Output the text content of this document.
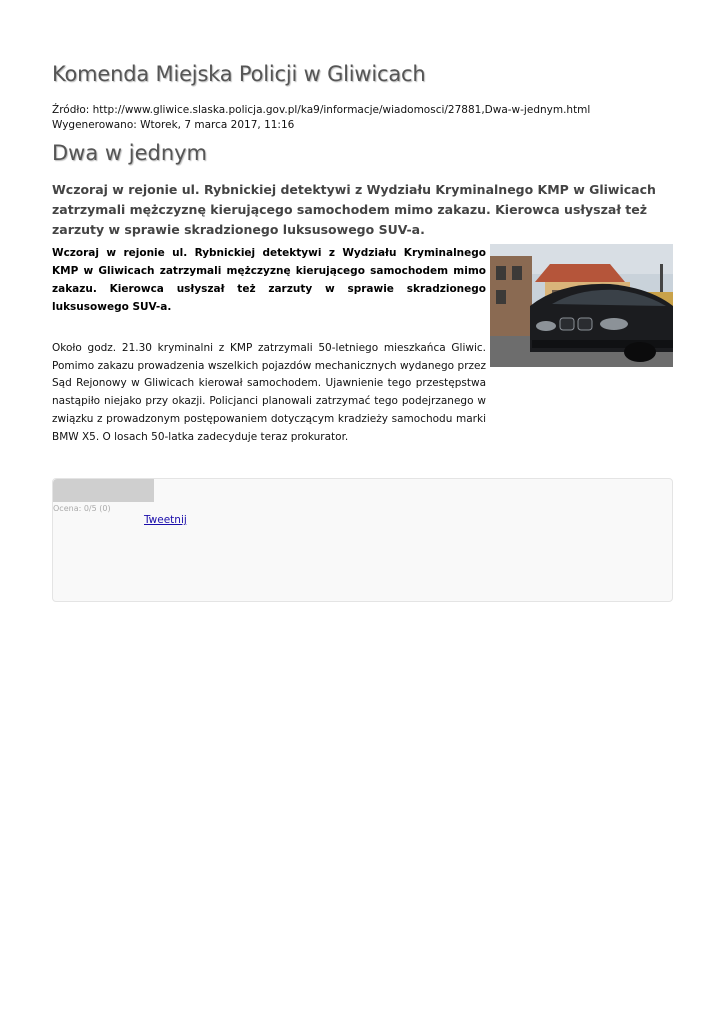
Komenda Miejska Policji w Gliwicach
Źródło: http://www.gliwice.slaska.policja.gov.pl/ka9/informacje/wiadomosci/27881,Dwa-w-jednym.html
Wygenerowano: Wtorek, 7 marca 2017, 11:16
Dwa w jednym

Wczoraj w rejonie ul. Rybnickiej detektywi z Wydziału Kryminalnego KMP w Gliwicach zatrzymali mężczyznę kierującego samochodem mimo zakazu. Kierowca usłyszał też zarzuty w sprawie skradzionego luksusowego SUV-a.

Wczoraj w rejonie ul. Rybnickiej detektywi z Wydziału Kryminalnego KMP w Gliwicach zatrzymali mężczyznę kierującego samochodem mimo zakazu. Kierowca usłyszał też zarzuty w sprawie skradzionego luksusowego SUV-a.

Około godz. 21.30 kryminalni z KMP zatrzymali 50-letniego mieszkańca Gliwic. Pomimo zakazu prowadzenia wszelkich pojazdów mechanicznych wydanego przez Sąd Rejonowy w Gliwicach kierował samochodem. Ujawnienie tego przestępstwa nastąpiło niejako przy okazji. Policjanci planowali zatrzymać tego podejrzanego w związku z prowadzonym postępowaniem dotyczącym kradzieży samochodu marki BMW X5. O losach 50-latka zadecyduje teraz prokurator.

Ocena: 0/5 (0)
Tweetnij
